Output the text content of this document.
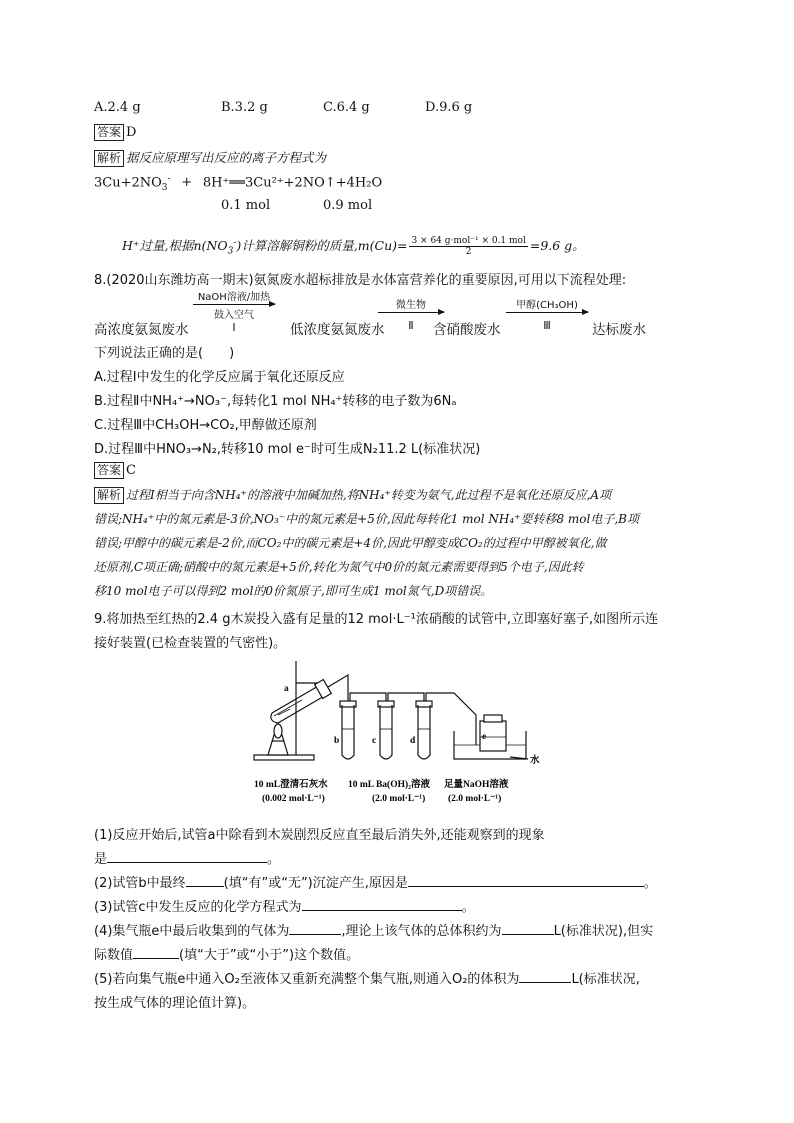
A.2.4 g	B.3.2 g	C.6.4 g	D.9.6 g
答案 D
解析 据反应原理写出反应的离子方程式为
$3Cu+2NO_3^-$ + 8H⁺══3Cu²⁺+2NO↑+4H₂O
0.1 mol	0.9 mol
H⁺过量,根据$n(NO_3^-)$计算溶解铜粉的质量,m(Cu)= 3 × 64 g·mol⁻¹ × 0.1 mol
2	=9.6 g。
8.(2020山东潍坊高一期末)氨氮废水超标排放是水体富营养化的重要原因,可用以下流程处理:
高浓度氨氮废水
NaOH溶液/加热
鼓入空气
Ⅰ	低浓度氨氮废水
微生物
Ⅱ	含硝酸废水
甲醇(CH₃OH)
Ⅲ	达标废水
下列说法正确的是(　　)
A.过程Ⅰ中发生的化学反应属于氧化还原反应
B.过程Ⅱ中NH₄⁺→NO₃⁻,每转化1 mol NH₄⁺转移的电子数为6Nₐ
C.过程Ⅲ中CH₃OH→CO₂,甲醇做还原剂
D.过程Ⅲ中HNO₃→N₂,转移10 mol e⁻时可生成N₂11.2 L(标准状况)
答案 C
解析 过程Ⅰ相当于向含NH₄⁺的溶液中加碱加热,将NH₄⁺转变为氨气,此过程不是氧化还原反应,A项
错误;NH₄⁺中的氮元素是-3价,NO₃⁻中的氮元素是+5价,因此每转化1 mol NH₄⁺要转移8 mol电子,B项
错误;甲醇中的碳元素是-2价,而CO₂中的碳元素是+4价,因此甲醇变成CO₂的过程中甲醇被氧化,做
还原剂,C项正确;硝酸中的氮元素是+5价,转化为氮气中0价的氮元素需要得到5个电子,因此转
移10 mol电子可以得到2 mol的0价氮原子,即可生成1 mol氮气,D项错误。
9.将加热至红热的2.4 g木炭投入盛有足量的12 mol·L⁻¹浓硝酸的试管中,立即塞好塞子,如图所示连
接好装置(已检查装置的气密性)。
a
b	c	d	e
水
10 mL澄清石灰水
(0.002 mol·L⁻¹)
10 mL Ba(OH)₂溶液
(2.0 mol·L⁻¹)
足量NaOH溶液
(2.0 mol·L⁻¹)
(1)反应开始后,试管a中除看到木炭剧烈反应直至最后消失外,还能观察到的现象
是	。
(2)试管b中最终	(填“有”或“无”)沉淀产生,原因是	。
(3)试管c中发生反应的化学方程式为	。
(4)集气瓶e中最后收集到的气体为	,理论上该气体的总体积约为	L(标准状况),但实
际数值	(填“大于”或“小于”)这个数值。
(5)若向集气瓶e中通入O₂至液体又重新充满整个集气瓶,则通入O₂的体积为	L(标准状况,
按生成气体的理论值计算)。
